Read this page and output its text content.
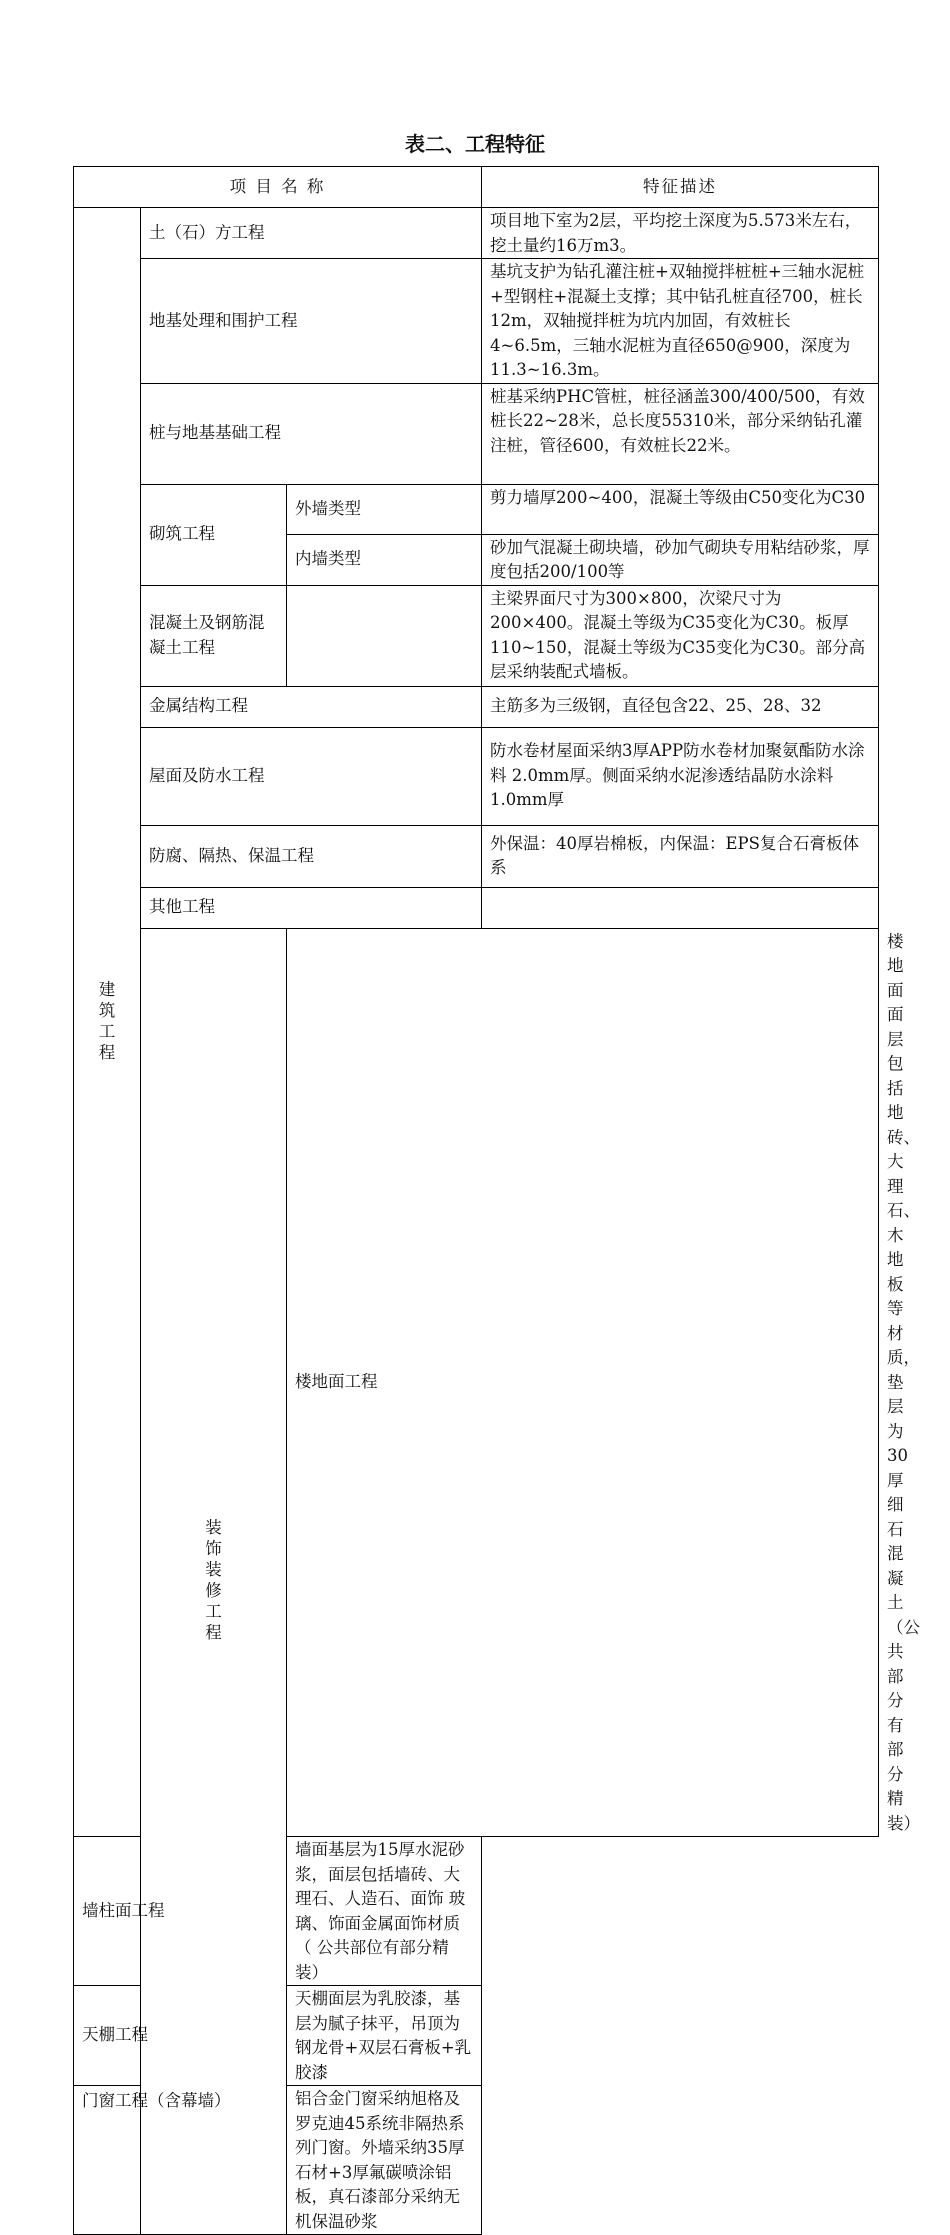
表二、工程特征
项 目 名 称			特征描述	
建筑工程	土（石）方工程		项目地下室为2层，平均挖土深度为5.573米左右，挖土量约16万m3。	
	地基处理和围护工程		基坑支护为钻孔灌注桩+双轴搅拌桩桩+三轴水泥桩+型钢柱+混凝土支撑；其中钻孔桩直径700，桩长12m，双轴搅拌桩为坑内加固，有效桩长4~6.5m，三轴水泥桩为直径650@900，深度为11.3~16.3m。	
	桩与地基基础工程		桩基采纳PHC管桩，桩径涵盖300/400/500，有效桩长22~28米，总长度55310米，部分采纳钻孔灌注桩，管径600，有效桩长22米。	
	砌筑工程	外墙类型	剪力墙厚200~400，混凝土等级由C50变化为C30	
		内墙类型	砂加气混凝土砌块墙，砂加气砌块专用粘结砂浆，厚度包括200/100等	
	混凝土及钢筋混凝土工程		主梁界面尺寸为300×800，次梁尺寸为200×400。混凝土等级为C35变化为C30。板厚110~150，混凝土等级为C35变化为C30。部分高层采纳装配式墙板。	
	金属结构工程		主筋多为三级钢，直径包含22、25、28、32	
	屋面及防水工程		防水卷材屋面采纳3厚APP防水卷材加聚氨酯防水涂料 2.0mm厚。侧面采纳水泥渗透结晶防水涂料1.0mm厚	
	防腐、隔热、保温工程		外保温：40厚岩棉板，内保温：EPS复合石膏板体系	
	其他工程			
	装饰装修工程	楼地面工程		楼地面面层包括地砖、大理石、木地板等材质，垫层为30厚细石混凝土（公共部分有部分精装）
墙柱面工程		墙面基层为15厚水泥砂浆，面层包括墙砖、大理石、人造石、面饰 玻璃、饰面金属面饰材质（ 公共部位有部分精装）		
天棚工程		天棚面层为乳胶漆，基层为腻子抹平，吊顶为钢龙骨+双层石膏板+乳胶漆		
门窗工程（含幕墙）		铝合金门窗采纳旭格及罗克迪45系统非隔热系列门窗。外墙采纳35厚石材+3厚氟碳喷涂铝板，真石漆部分采纳无机保温砂浆		
